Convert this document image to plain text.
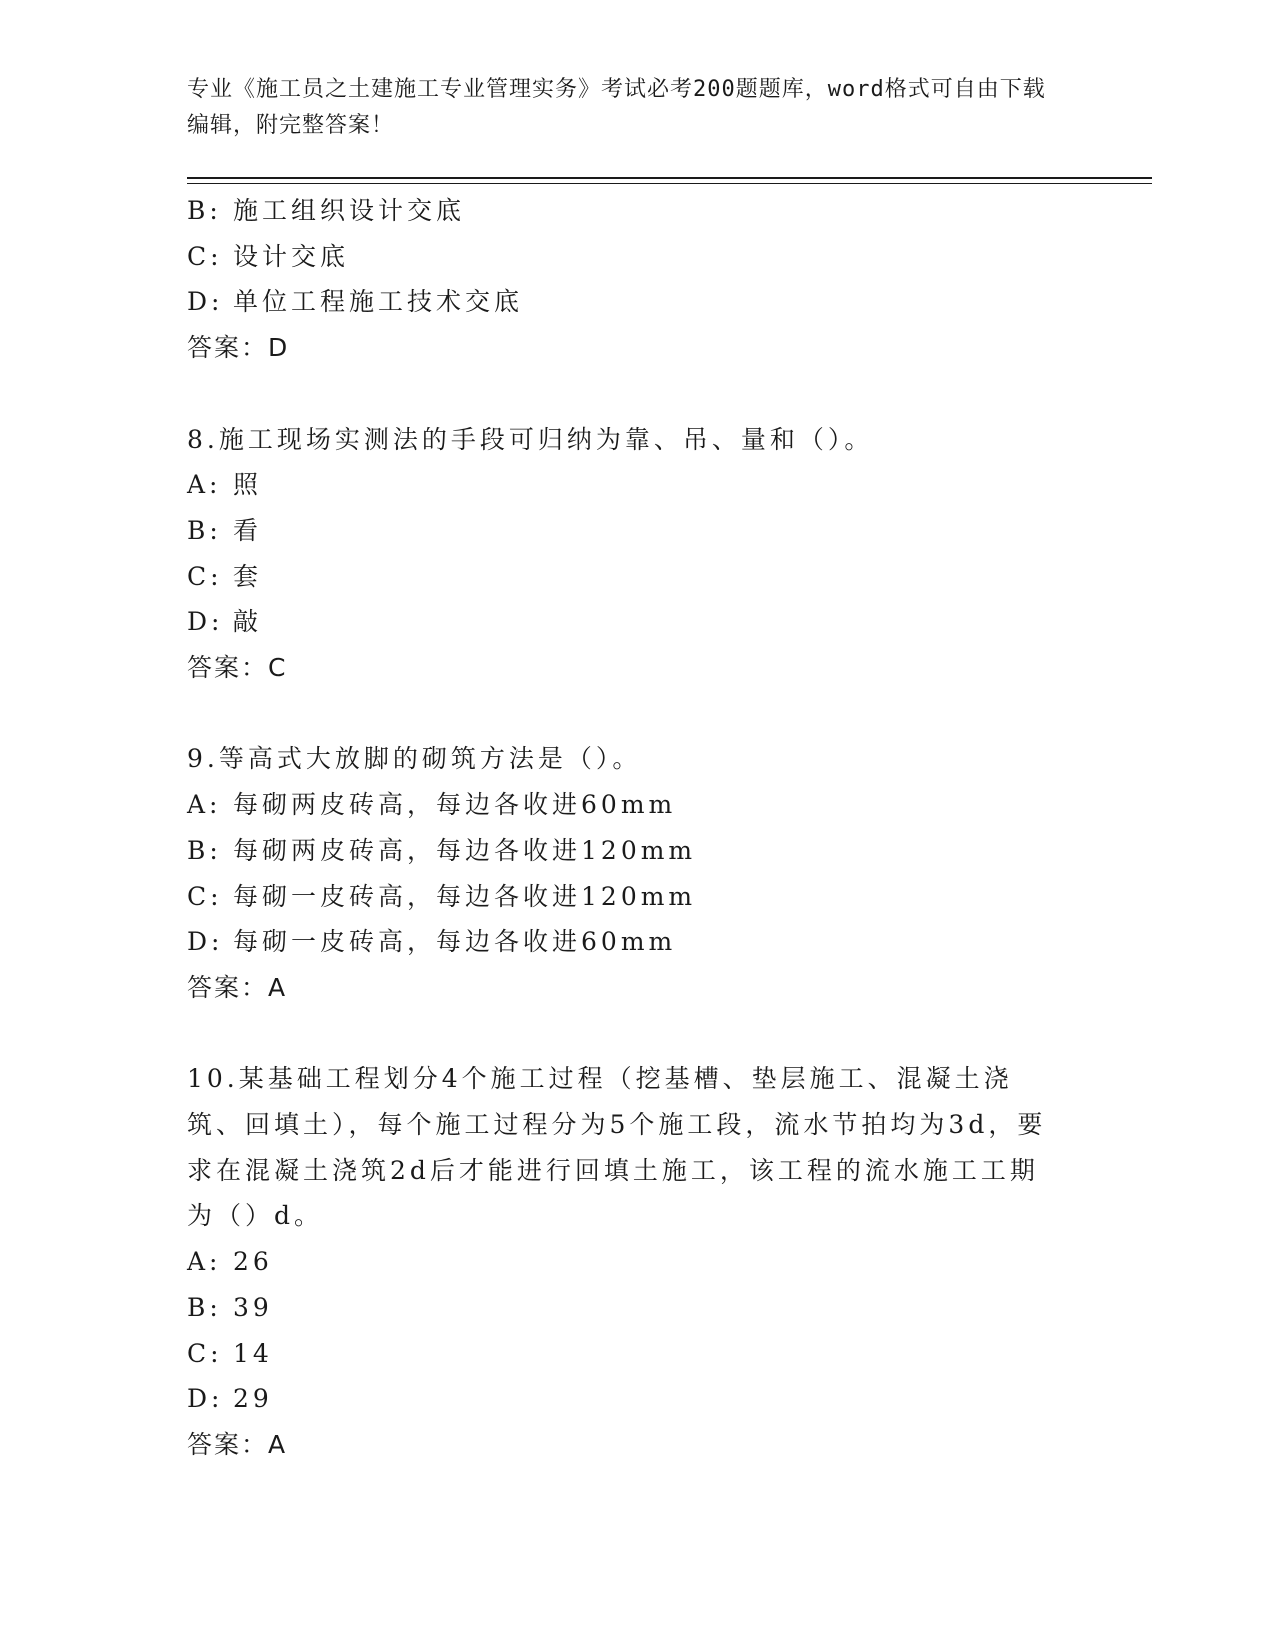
专业《施工员之土建施工专业管理实务》考试必考200题题库，word格式可自由下载编辑，附完整答案！

B: 施工组织设计交底

C: 设计交底

D: 单位工程施工技术交底

答案：D

8.施工现场实测法的手段可归纳为靠、吊、量和（）。

A: 照

B: 看

C: 套

D: 敲

答案：C

9.等高式大放脚的砌筑方法是（）。

A: 每砌两皮砖高，每边各收进60mm

B: 每砌两皮砖高，每边各收进120mm

C: 每砌一皮砖高，每边各收进120mm

D: 每砌一皮砖高，每边各收进60mm

答案：A

10.某基础工程划分4个施工过程（挖基槽、垫层施工、混凝土浇筑、回填土），每个施工过程分为5个施工段，流水节拍均为3d，要求在混凝土浇筑2d后才能进行回填土施工，该工程的流水施工工期为（）d。

A: 26

B: 39

C: 14

D: 29

答案：A
